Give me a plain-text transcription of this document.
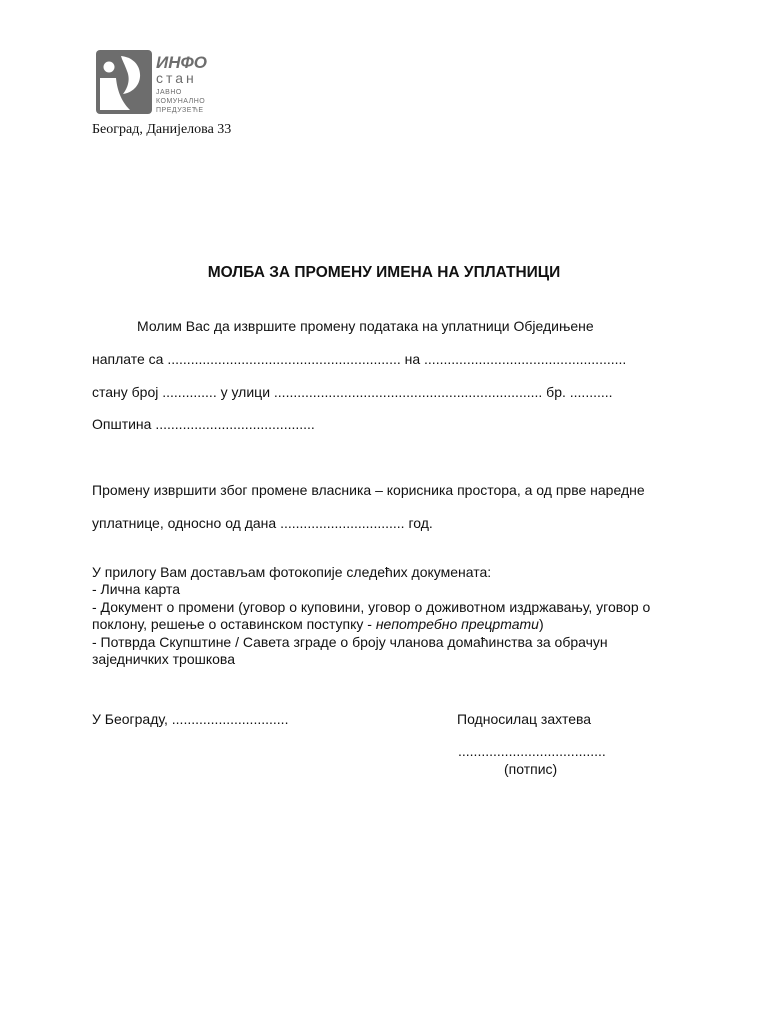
ИНФО
стан
ЈАВНО
КОМУНАЛНО
ПРЕДУЗЕЋЕ
Београд, Данијелова 33
МОЛБА ЗА ПРОМЕНУ ИМЕНА НА УПЛАТНИЦИ
Молим Вас да извршите промену података на уплатници Обједињене
наплате са ............................................................ на ....................................................
стану број .............. у улици ..................................................................... бр. ...........
Општина .........................................
Промену извршити због промене власника – корисника простора, а од прве наредне
уплатнице, односно од дана ................................ год.
У прилогу Вам достављам фотокопије следећих докумената:
- Лична карта
- Документ о промени (уговор о куповини, уговор о доживотном издржавању, уговор о
поклону, решење о оставинском поступку - непотребно прецртати)
- Потврда Скупштине / Савета зграде о броју чланова домаћинства за обрачун
заједничких трошкова
У Београду, ..............................	Подносилац захтева
......................................
(потпис)
